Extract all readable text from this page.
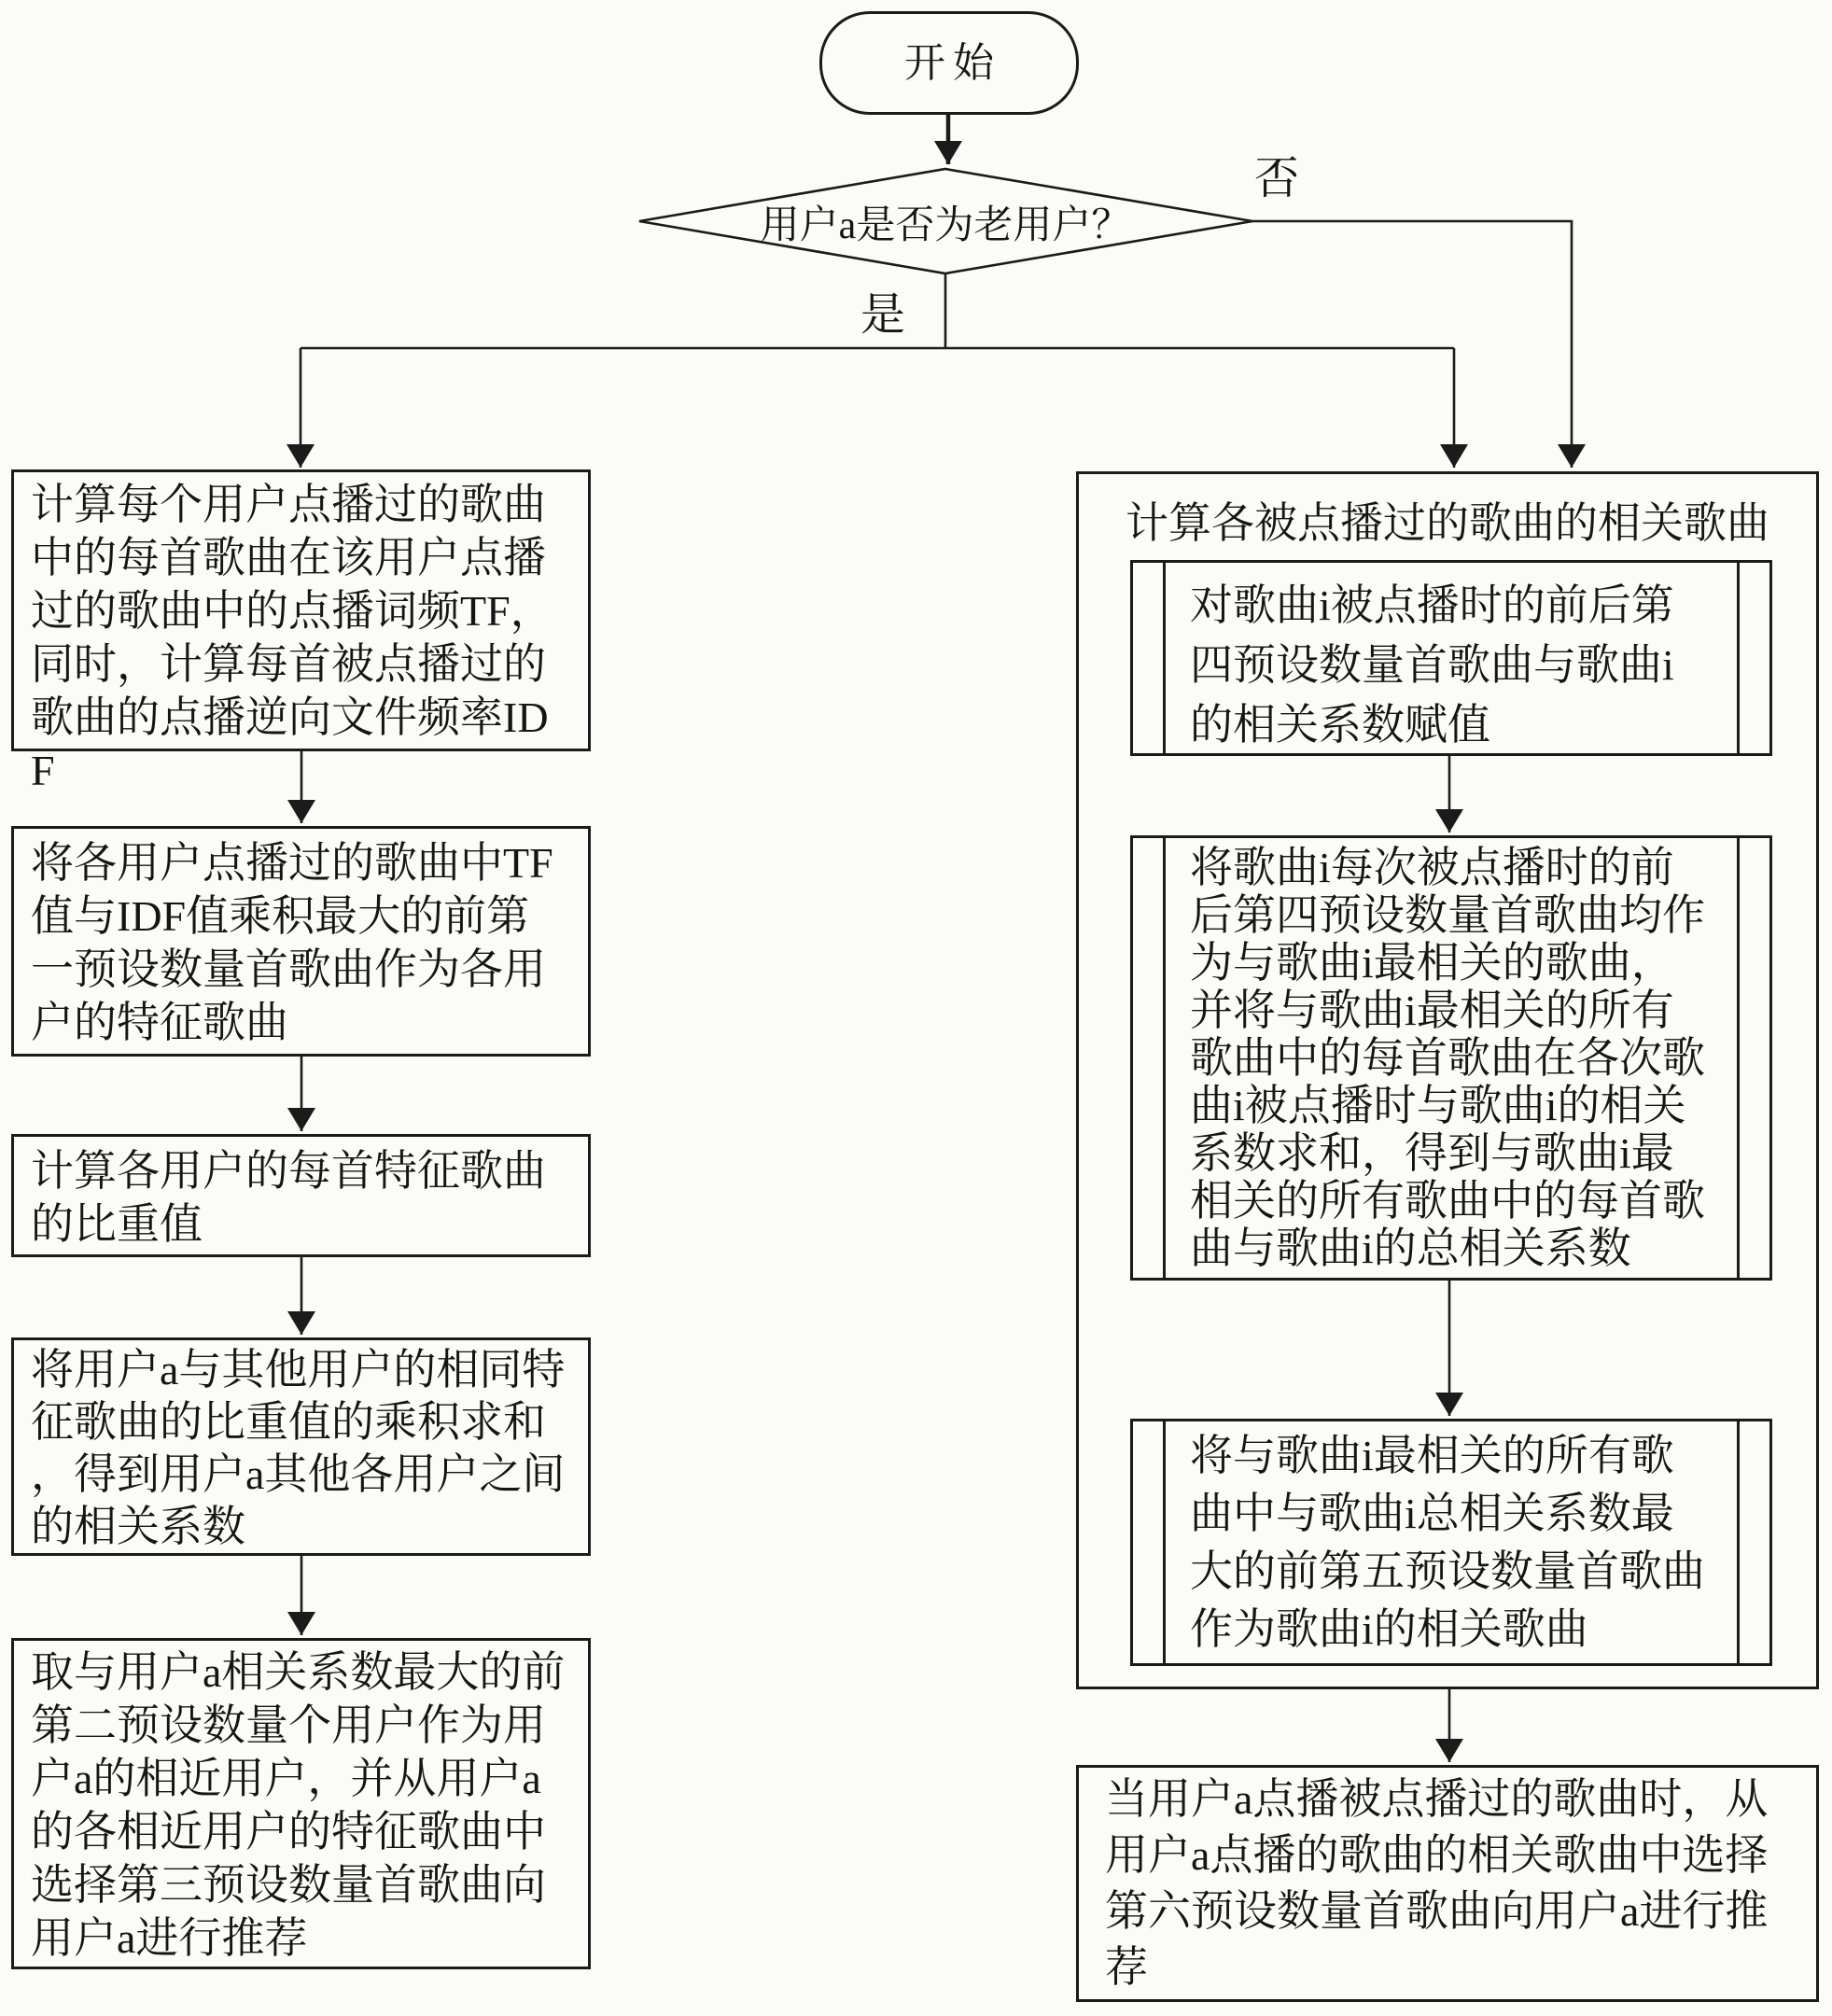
开始
用户a是否为老用户？
是
否
计算每个用户点播过的歌曲中的每首歌曲在该用户点播过的歌曲中的点播词频TF，同时，计算每首被点播过的歌曲的点播逆向文件频率IDF
将各用户点播过的歌曲中TF值与IDF值乘积最大的前第一预设数量首歌曲作为各用户的特征歌曲
计算各用户的每首特征歌曲的比重值
将用户a与其他用户的相同特征歌曲的比重值的乘积求和，得到用户a其他各用户之间的相关系数
取与用户a相关系数最大的前第二预设数量个用户作为用户a的相近用户，并从用户a的各相近用户的特征歌曲中选择第三预设数量首歌曲向用户a进行推荐
计算各被点播过的歌曲的相关歌曲
对歌曲i被点播时的前后第四预设数量首歌曲与歌曲i的相关系数赋值
将歌曲i每次被点播时的前后第四预设数量首歌曲均作为与歌曲i最相关的歌曲，并将与歌曲i最相关的所有歌曲中的每首歌曲在各次歌曲i被点播时与歌曲i的相关系数求和，得到与歌曲i最相关的所有歌曲中的每首歌曲与歌曲i的总相关系数
将与歌曲i最相关的所有歌曲中与歌曲i总相关系数最大的前第五预设数量首歌曲作为歌曲i的相关歌曲
当用户a点播被点播过的歌曲时，从用户a点播的歌曲的相关歌曲中选择第六预设数量首歌曲向用户a进行推荐
